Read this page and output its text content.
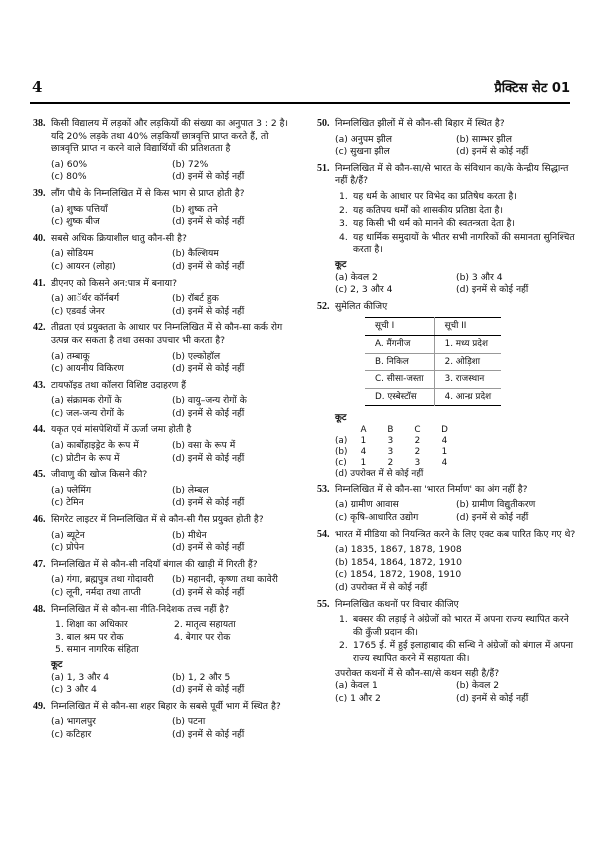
4	प्रैक्टिस सेट 01
38. किसी विद्यालय में लड़कों और लड़कियों की संख्या का अनुपात 3 : 2 है। यदि 20% लड़के तथा 40% लड़कियाँ छात्रवृत्ति प्राप्त करते हैं, तो छात्रवृत्ति प्राप्त न करने वाले विद्यार्थियों की प्रतिशतता है
(a) 60%	(b) 72%
(c) 80%	(d) इनमें से कोई नहीं
39. लौंग पौधे के निम्नलिखित में से किस भाग से प्राप्त होती है?
(a) शुष्क पत्तियाँ	(b) शुष्क तने
(c) शुष्क बीज	(d) इनमें से कोई नहीं
40. सबसे अधिक क्रियाशील धातु कौन-सी है?
(a) सोडियम	(b) कैल्शियम
(c) आयरन (लोहा)	(d) इनमें से कोई नहीं
41. डीएनए को किसने अन:पात्र में बनाया?
(a) आॅर्थर कॉर्नबर्ग	(b) रॉबर्ट हुक
(c) एडवर्ड जेनर	(d) इनमें से कोई नहीं
42. तीव्रता एवं प्रयुक्तता के आधार पर निम्नलिखित में से कौन-सा कर्क रोग उत्पन्न कर सकता है तथा उसका उपचार भी करता है?
(a) तम्बाकू	(b) एल्कोहॉल
(c) आयनीय विकिरण	(d) इनमें से कोई नहीं
43. टायफॉइड तथा कॉलरा विशिष्ट उदाहरण हैं
(a) संक्रामक रोगों के	(b) वायु–जन्य रोगों के
(c) जल-जन्य रोगों के	(d) इनमें से कोई नहीं
44. यकृत एवं मांसपेशियों में ऊर्जा जमा होती है
(a) कार्बोहाइड्रेट के रूप में	(b) वसा के रूप में
(c) प्रोटीन के रूप में	(d) इनमें से कोई नहीं
45. जीवाणु की खोज किसने की?
(a) फ्लेमिंग	(b) लेम्बल
(c) टेमिन	(d) इनमें से कोई नहीं
46. सिगरेट लाइटर में निम्नलिखित में से कौन-सी गैस प्रयुक्त होती है?
(a) ब्यूटेन	(b) मीथेन
(c) प्रोपेन	(d) इनमें से कोई नहीं
47. निम्नलिखित में से कौन-सी नदियाँ बंगाल की खाड़ी में गिरती हैं?
(a) गंगा, ब्रह्मपुत्र तथा गोदावरी	(b) महानदी, कृष्णा तथा कावेरी
(c) लूनी, नर्मदा तथा ताप्ती	(d) इनमें से कोई नहीं
48. निम्नलिखित में से कौन-सा नीति-निदेशक तत्त्व नहीं है?
1. शिक्षा का अधिकार	2. मातृत्व सहायता
3. बाल श्रम पर रोक	4. बेगार पर रोक
5. समान नागरिक संहिता
कूट
(a) 1, 3 और 4	(b) 1, 2 और 5
(c) 3 और 4	(d) इनमें से कोई नहीं
49. निम्नलिखित में से कौन-सा शहर बिहार के सबसे पूर्वी भाग में स्थित है?
(a) भागलपुर	(b) पटना
(c) कटिहार	(d) इनमें से कोई नहीं
50. निम्नलिखित झीलों में से कौन-सी बिहार में स्थित है?
(a) अनुपम झील	(b) साम्भर झील
(c) सुखना झील	(d) इनमें से कोई नहीं
51. निम्नलिखित में से कौन-सा/से भारत के संविधान का/के केन्द्रीय सिद्धान्त नहीं है/हैं?
1. यह धर्म के आधार पर विभेद का प्रतिषेध करता है।
2. यह कतिपय धर्मों को शासकीय प्रतिष्ठा देता है।
3. यह किसी भी धर्म को मानने की स्वतन्त्रता देता है।
4. यह धार्मिक समुदायों के भीतर सभी नागरिकों की समानता सुनिश्चित करता है।
कूट
(a) केवल 2	(b) 3 और 4
(c) 2, 3 और 4	(d) इनमें से कोई नहीं
52. सुमेलित कीजिए
सूची I	सूची II
A. मैंगनीज	1. मध्य प्रदेश
B. निकिल	2. ओड़िशा
C. सीसा-जस्ता	3. राजस्थान
D. एस्बेस्टॉस	4. आन्ध्र प्रदेश
कूट
	A	B	C	D
(a)	1	3	2	4
(b)	4	3	2	1
(c)	1	2	3	4
(d) उपरोक्त में से कोई नहीं				
53. निम्नलिखित में से कौन-सा 'भारत निर्माण' का अंग नहीं है?
(a) ग्रामीण आवास	(b) ग्रामीण विद्युतीकरण
(c) कृषि-आधारित उद्योग	(d) इनमें से कोई नहीं
54. भारत में मीडिया को नियन्त्रित करने के लिए एक्ट कब पारित किए गए थे?
(a) 1835, 1867, 1878, 1908
(b) 1854, 1864, 1872, 1910
(c) 1854, 1872, 1908, 1910
(d) उपरोक्त में से कोई नहीं
55. निम्नलिखित कथनों पर विचार कीजिए
1. बक्सर की लड़ाई ने अंग्रेजों को भारत में अपना राज्य स्थापित करने की कुँजी प्रदान की।
2. 1765 ई. में हुई इलाहाबाद की सन्धि ने अंग्रेजों को बंगाल में अपना राज्य स्थापित करने में सहायता की।
उपरोक्त कथनों में से कौन-सा/से कथन सही है/हैं?
(a) केवल 1	(b) केवल 2
(c) 1 और 2	(d) इनमें से कोई नहीं
